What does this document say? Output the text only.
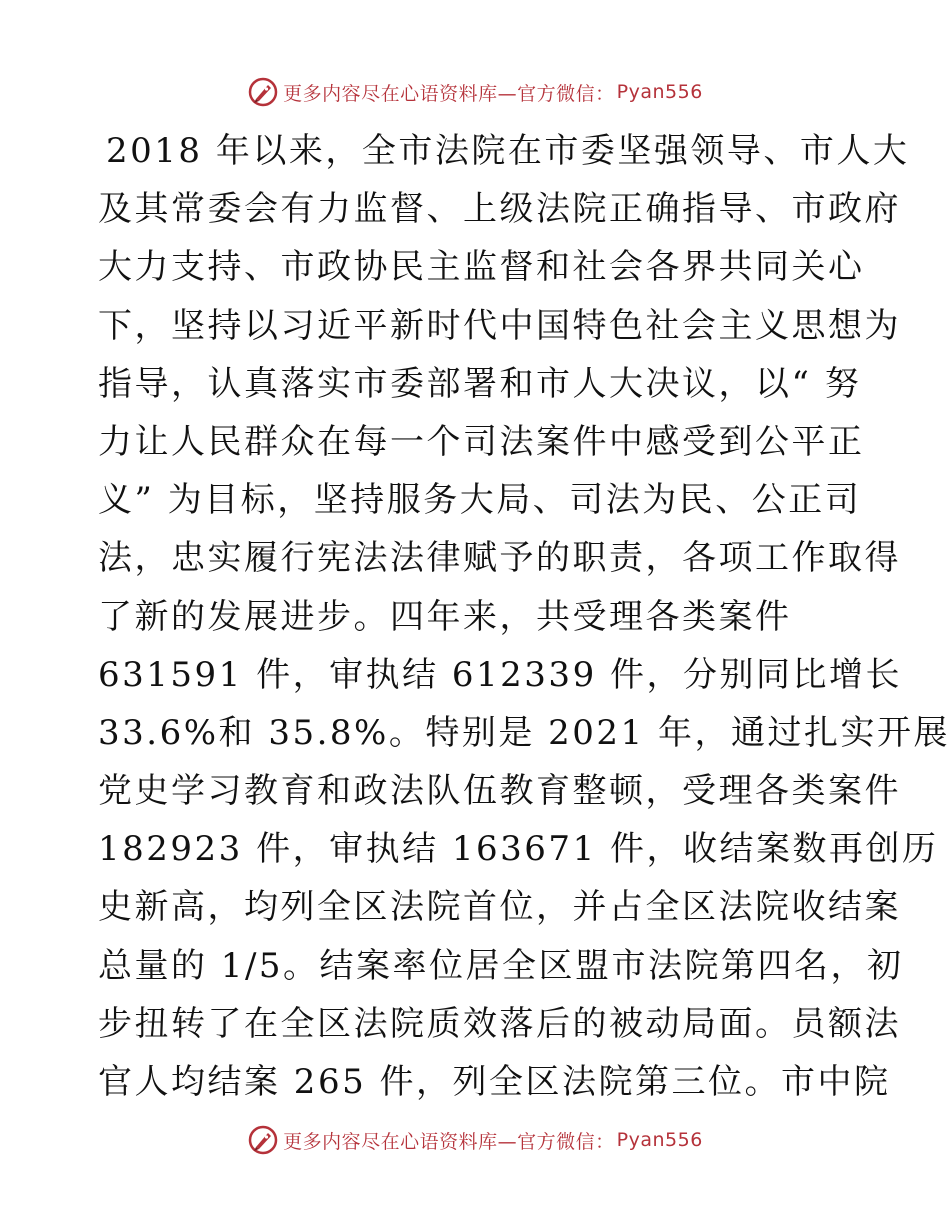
更多内容尽在心语资料库—官方微信： Pyan556
2018 年以来，全市法院在市委坚强领导、市人大
及其常委会有力监督、上级法院正确指导、市政府
大力支持、市政协民主监督和社会各界共同关心
下，坚持以习近平新时代中国特色社会主义思想为
指导，认真落实市委部署和市人大决议，以“ 努
力让人民群众在每一个司法案件中感受到公平正
义” 为目标，坚持服务大局、司法为民、公正司
法，忠实履行宪法法律赋予的职责，各项工作取得
了新的发展进步。四年来，共受理各类案件
631591 件，审执结 612339 件，分别同比增长
33.6%和 35.8%。特别是 2021 年，通过扎实开展
党史学习教育和政法队伍教育整顿，受理各类案件
182923 件，审执结 163671 件，收结案数再创历
史新高，均列全区法院首位，并占全区法院收结案
总量的 1/5。结案率位居全区盟市法院第四名，初
步扭转了在全区法院质效落后的被动局面。员额法
官人均结案 265 件，列全区法院第三位。市中院
更多内容尽在心语资料库—官方微信： Pyan556
